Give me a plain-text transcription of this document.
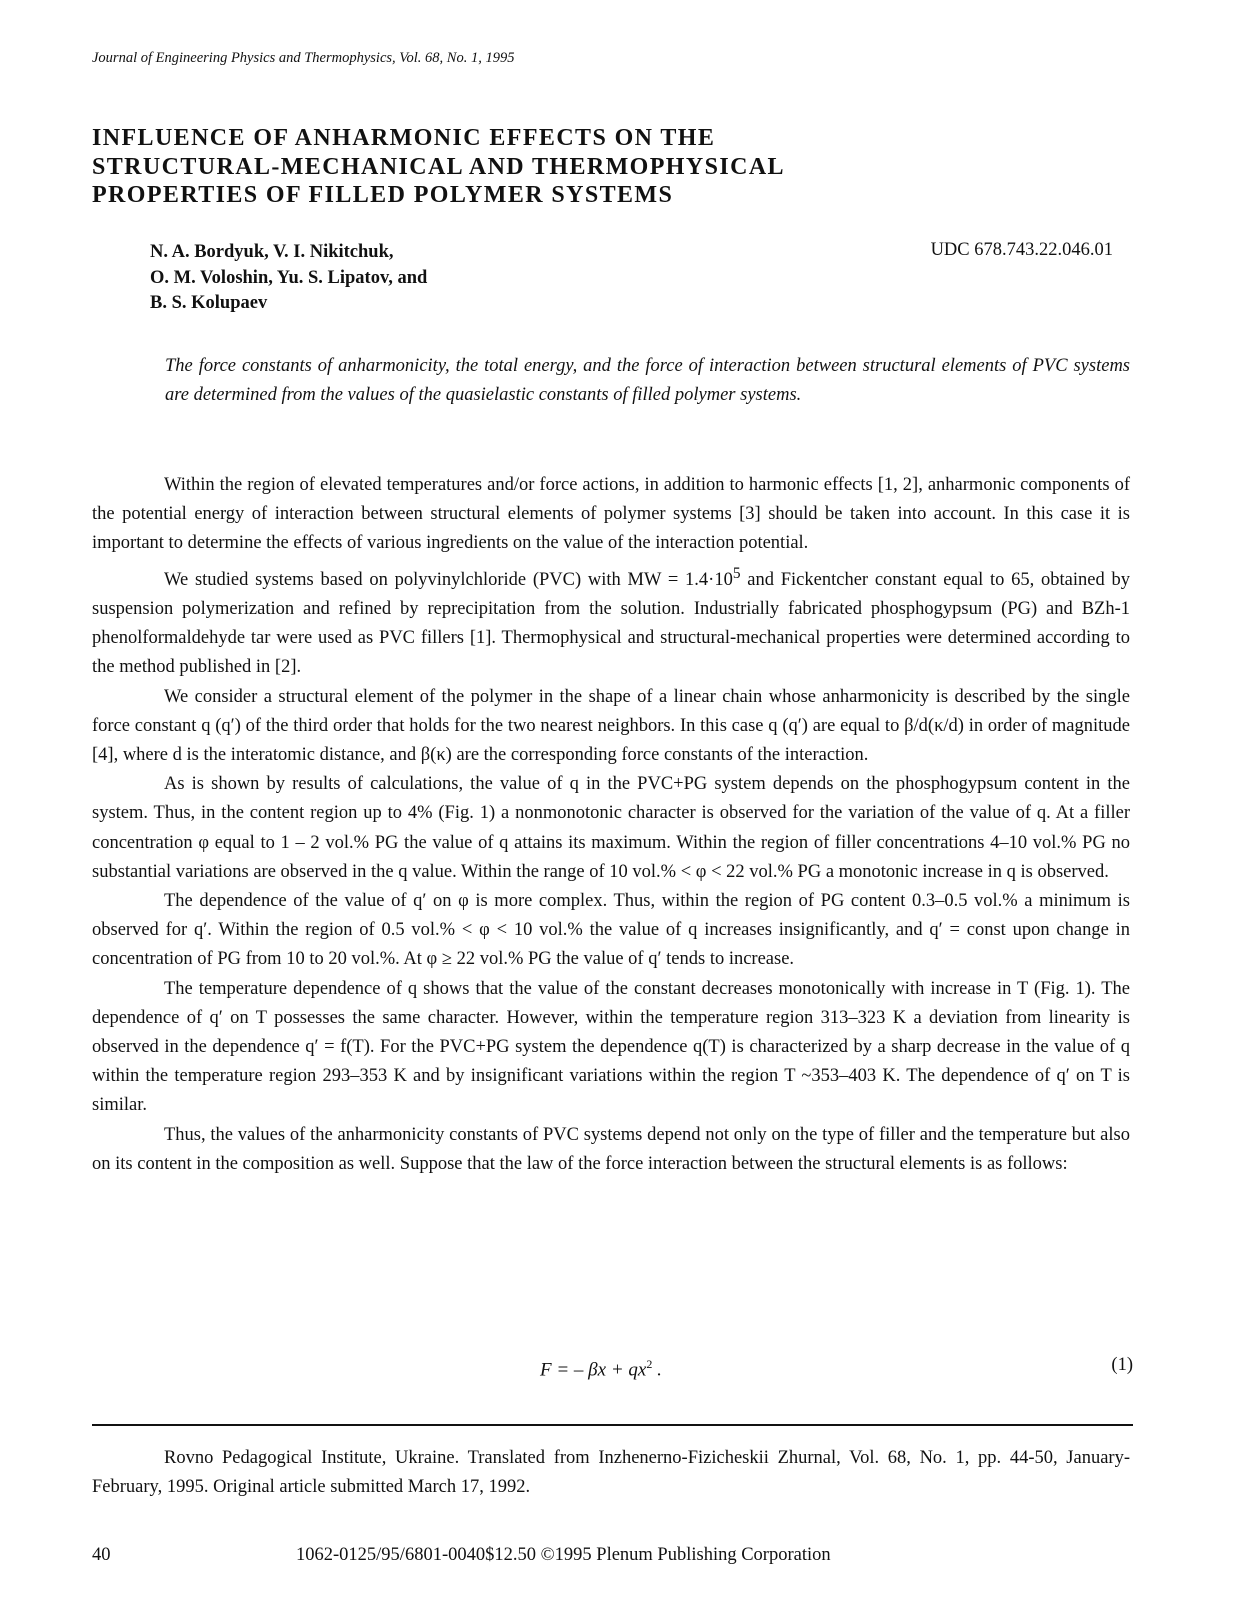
Journal of Engineering Physics and Thermophysics, Vol. 68, No. 1, 1995
INFLUENCE OF ANHARMONIC EFFECTS ON THE
STRUCTURAL-MECHANICAL AND THERMOPHYSICAL
PROPERTIES OF FILLED POLYMER SYSTEMS
N. A. Bordyuk, V. I. Nikitchuk,
O. M. Voloshin, Yu. S. Lipatov, and
B. S. Kolupaev
UDC 678.743.22.046.01
The force constants of anharmonicity, the total energy, and the force of interaction between structural elements of PVC systems are determined from the values of the quasielastic constants of filled polymer systems.

Within the region of elevated temperatures and/or force actions, in addition to harmonic effects [1, 2], anharmonic components of the potential energy of interaction between structural elements of polymer systems [3] should be taken into account. In this case it is important to determine the effects of various ingredients on the value of the interaction potential.

We studied systems based on polyvinylchloride (PVC) with MW = $1.4\cdot 10^5$ and Fickentcher constant equal to 65, obtained by suspension polymerization and refined by reprecipitation from the solution. Industrially fabricated phosphogypsum (PG) and BZh-1 phenolformaldehyde tar were used as PVC fillers [1]. Thermophysical and structural-mechanical properties were determined according to the method published in [2].

We consider a structural element of the polymer in the shape of a linear chain whose anharmonicity is described by the single force constant q (q′) of the third order that holds for the two nearest neighbors. In this case q (q′) are equal to β/d(κ/d) in order of magnitude [4], where d is the interatomic distance, and β(κ) are the corresponding force constants of the interaction.

As is shown by results of calculations, the value of q in the PVC+PG system depends on the phosphogypsum content in the system. Thus, in the content region up to 4% (Fig. 1) a nonmonotonic character is observed for the variation of the value of q. At a filler concentration φ equal to 1 – 2 vol.% PG the value of q attains its maximum. Within the region of filler concentrations 4–10 vol.% PG no substantial variations are observed in the q value. Within the range of 10 vol.% < φ < 22 vol.% PG a monotonic increase in q is observed.

The dependence of the value of q′ on φ is more complex. Thus, within the region of PG content 0.3–0.5 vol.% a minimum is observed for q′. Within the region of 0.5 vol.% < φ < 10 vol.% the value of q increases insignificantly, and q′ = const upon change in concentration of PG from 10 to 20 vol.%. At φ ≥ 22 vol.% PG the value of q′ tends to increase.

The temperature dependence of q shows that the value of the constant decreases monotonically with increase in T (Fig. 1). The dependence of q′ on T possesses the same character. However, within the temperature region 313–323 K a deviation from linearity is observed in the dependence q′ = f(T). For the PVC+PG system the dependence q(T) is characterized by a sharp decrease in the value of q within the temperature region 293–353 K and by insignificant variations within the region T ~353–403 K. The dependence of q′ on T is similar.

Thus, the values of the anharmonicity constants of PVC systems depend not only on the type of filler and the temperature but also on its content in the composition as well. Suppose that the law of the force interaction between the structural elements is as follows:

F = – $\beta x + qx^2$ .	(1)
Rovno Pedagogical Institute, Ukraine. Translated from Inzhenerno-Fizicheskii Zhurnal, Vol. 68, No. 1, pp. 44-50, January-February, 1995. Original article submitted March 17, 1992.
40	1062-0125/95/6801-0040$12.50 ©1995 Plenum Publishing Corporation
